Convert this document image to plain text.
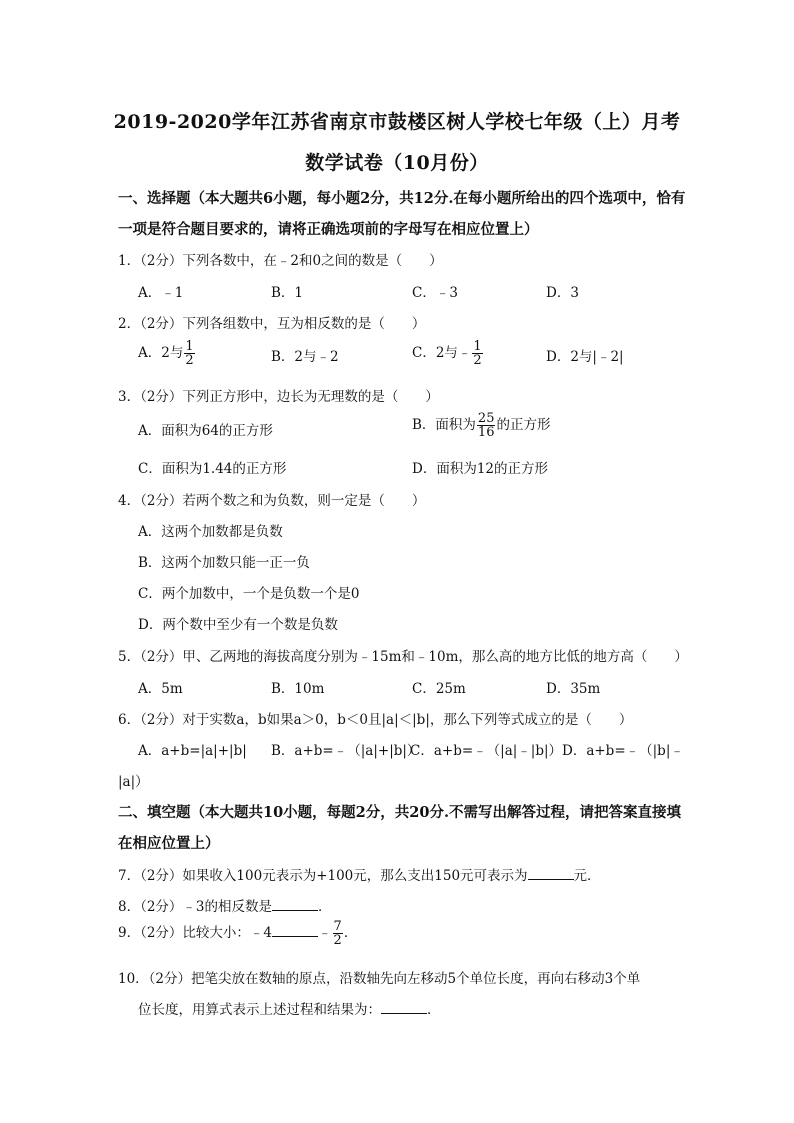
2019-2020学年江苏省南京市鼓楼区树人学校七年级（上）月考
数学试卷（10月份）
一、选择题（本大题共6小题，每小题2分，共12分.在每小题所给出的四个选项中，恰有
一项是符合题目要求的，请将正确选项前的字母写在相应位置上）
1．（2分）下列各数中，在﹣2和0之间的数是（　　）
A．﹣1	B．1	C．﹣3	D．3
2．（2分）下列各组数中，互为相反数的是（　　）
A．2与 $\frac{1}{2}$	B．2与﹣2	C．2与﹣ $\frac{1}{2}$	D．2与|﹣2|
3．（2分）下列正方形中，边长为无理数的是（　　）
A．面积为64的正方形	B．面积为 $\frac{25}{16}$ 的正方形
C．面积为1.44的正方形	D．面积为12的正方形
4．（2分）若两个数之和为负数，则一定是（　　）
A．这两个加数都是负数
B．这两个加数只能一正一负
C．两个加数中，一个是负数一个是0
D．两个数中至少有一个数是负数
5．（2分）甲、乙两地的海拔高度分别为﹣15m和﹣10m，那么高的地方比低的地方高（　　）
A．5m	B．10m	C．25m	D．35m
6．（2分）对于实数a，b如果a＞0，b＜0且|a|＜|b|，那么下列等式成立的是（　　）
A．a+b=|a|+|b| B．a+b=﹣（|a|+|b|）
C．a+b=﹣（|a|﹣|b|） D．a+b=﹣（|b|﹣
|a|）
二、填空题（本大题共10小题，每题2分，共20分.不需写出解答过程，请把答案直接填
在相应位置上）
7．（2分）如果收入100元表示为+100元，那么支出150元可表示为	元．
8．（2分）﹣3的相反数是	．
9．（2分）比较大小：﹣4	﹣ $\frac{7}{2}$ ．
10．（2分）把笔尖放在数轴的原点，沿数轴先向左移动5个单位长度，再向右移动3个单
位长度，用算式表示上述过程和结果为：	．
